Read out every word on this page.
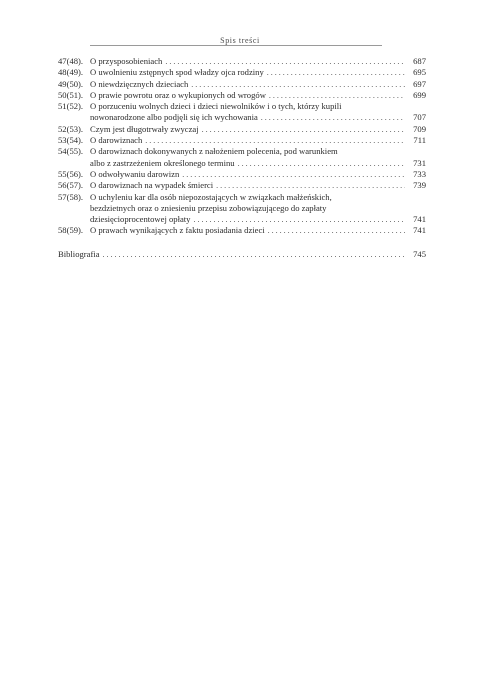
Spis treści
47(48). O przysposobieniach . . .	687
48(49). O uwolnieniu zstępnych spod władzy ojca rodziny . . .	695
49(50). O niewdzięcznych dzieciach . . .	697
50(51). O prawie powrotu oraz o wykupionych od wrogów . . .	699
51(52). O porzuceniu wolnych dzieci i dzieci niewolników i o tych, którzy kupili
nowonarodzone albo podjęli się ich wychowania . . .	707
52(53). Czym jest długotrwały zwyczaj . . .	709
53(54). O darowiznach . . .	711
54(55). O darowiznach dokonywanych z nałożeniem polecenia, pod warunkiem
albo z zastrzeżeniem określonego terminu . . .	731
55(56). O odwoływaniu darowizn . . .	733
56(57). O darowiznach na wypadek śmierci . . .	739
57(58). O uchyleniu kar dla osób niepozostających w związkach małżeńskich,
bezdzietnych oraz o zniesieniu przepisu zobowiązującego do zapłaty
dziesięcioprocentowej opłaty . . .	741
58(59). O prawach wynikających z faktu posiadania dzieci . . .	741
Bibliografia . . .	745
